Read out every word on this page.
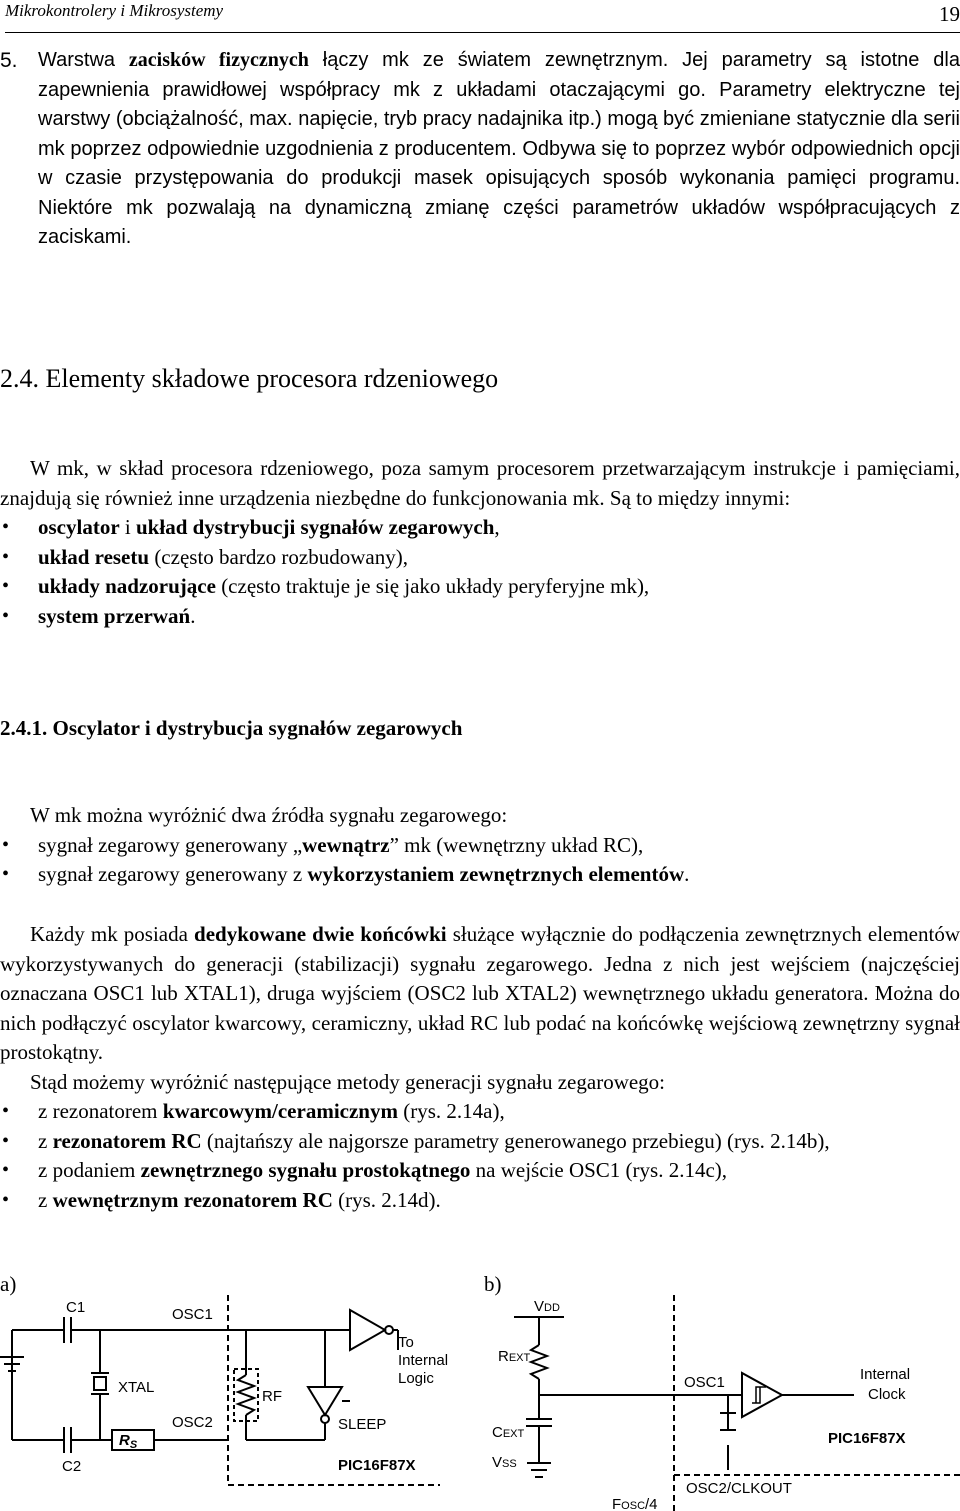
Mikrokontrolery i Mikrosystemy	19
5. Warstwa zacisków fizycznych łączy mk ze światem zewnętrznym. Jej parametry są istotne dla zapewnienia prawidłowej współpracy mk z układami otaczającymi go. Parametry elektryczne tej warstwy (obciążalność, max. napięcie, tryb pracy nadajnika itp.) mogą być zmieniane statycznie dla serii mk poprzez odpowiednie uzgodnienia z producentem. Odbywa się to poprzez wybór odpowiednich opcji w czasie przystępowania do produkcji masek opisujących sposób wykonania pamięci programu. Niektóre mk pozwalają na dynamiczną zmianę części parametrów układów współpracujących z zaciskami.

2.4. Elementy składowe procesora rdzeniowego

W mk, w skład procesora rdzeniowego, poza samym procesorem przetwarzającym instrukcje i pamięciami, znajdują się również inne urządzenia niezbędne do funkcjonowania mk. Są to między innymi:

• oscylator i układ dystrybucji sygnałów zegarowych,
• układ resetu (często bardzo rozbudowany),
• układy nadzorujące (często traktuje je się jako układy peryferyjne mk),
• system przerwań.
2.4.1. Oscylator i dystrybucja sygnałów zegarowych

W mk można wyróżnić dwa źródła sygnału zegarowego:

• sygnał zegarowy generowany „wewnątrz” mk (wewnętrzny układ RC),
• sygnał zegarowy generowany z wykorzystaniem zewnętrznych elementów.

Każdy mk posiada dedykowane dwie końcówki służące wyłącznie do podłączenia zewnętrznych elementów wykorzystywanych do generacji (stabilizacji) sygnału zegarowego. Jedna z nich jest wejściem (najczęściej oznaczana OSC1 lub XTAL1), druga wyjściem (OSC2 lub XTAL2) wewnętrznego układu generatora. Można do nich podłączyć oscylator kwarcowy, ceramiczny, układ RC lub podać na końcówkę wejściową zewnętrzny sygnał prostokątny.

Stąd możemy wyróżnić następujące metody generacji sygnału zegarowego:

• z rezonatorem kwarcowym/ceramicznym (rys. 2.14a),
• z rezonatorem RC (najtańszy ale najgorsze parametry generowanego przebiegu) (rys. 2.14b),
• z podaniem zewnętrznego sygnału prostokątnego na wejście OSC1 (rys. 2.14c),
• z wewnętrznym rezonatorem RC (rys. 2.14d).
a)	b)
C1	OSC1
XTAL
RF
OSC2
$R_S$
C2
To
Internal
Logic
SLEEP
PIC16F87X
VDD
REXT
OSC1	Internal
Clock
PIC16F87X
CEXT
VSS
OSC2/CLKOUT
FOSC/4
